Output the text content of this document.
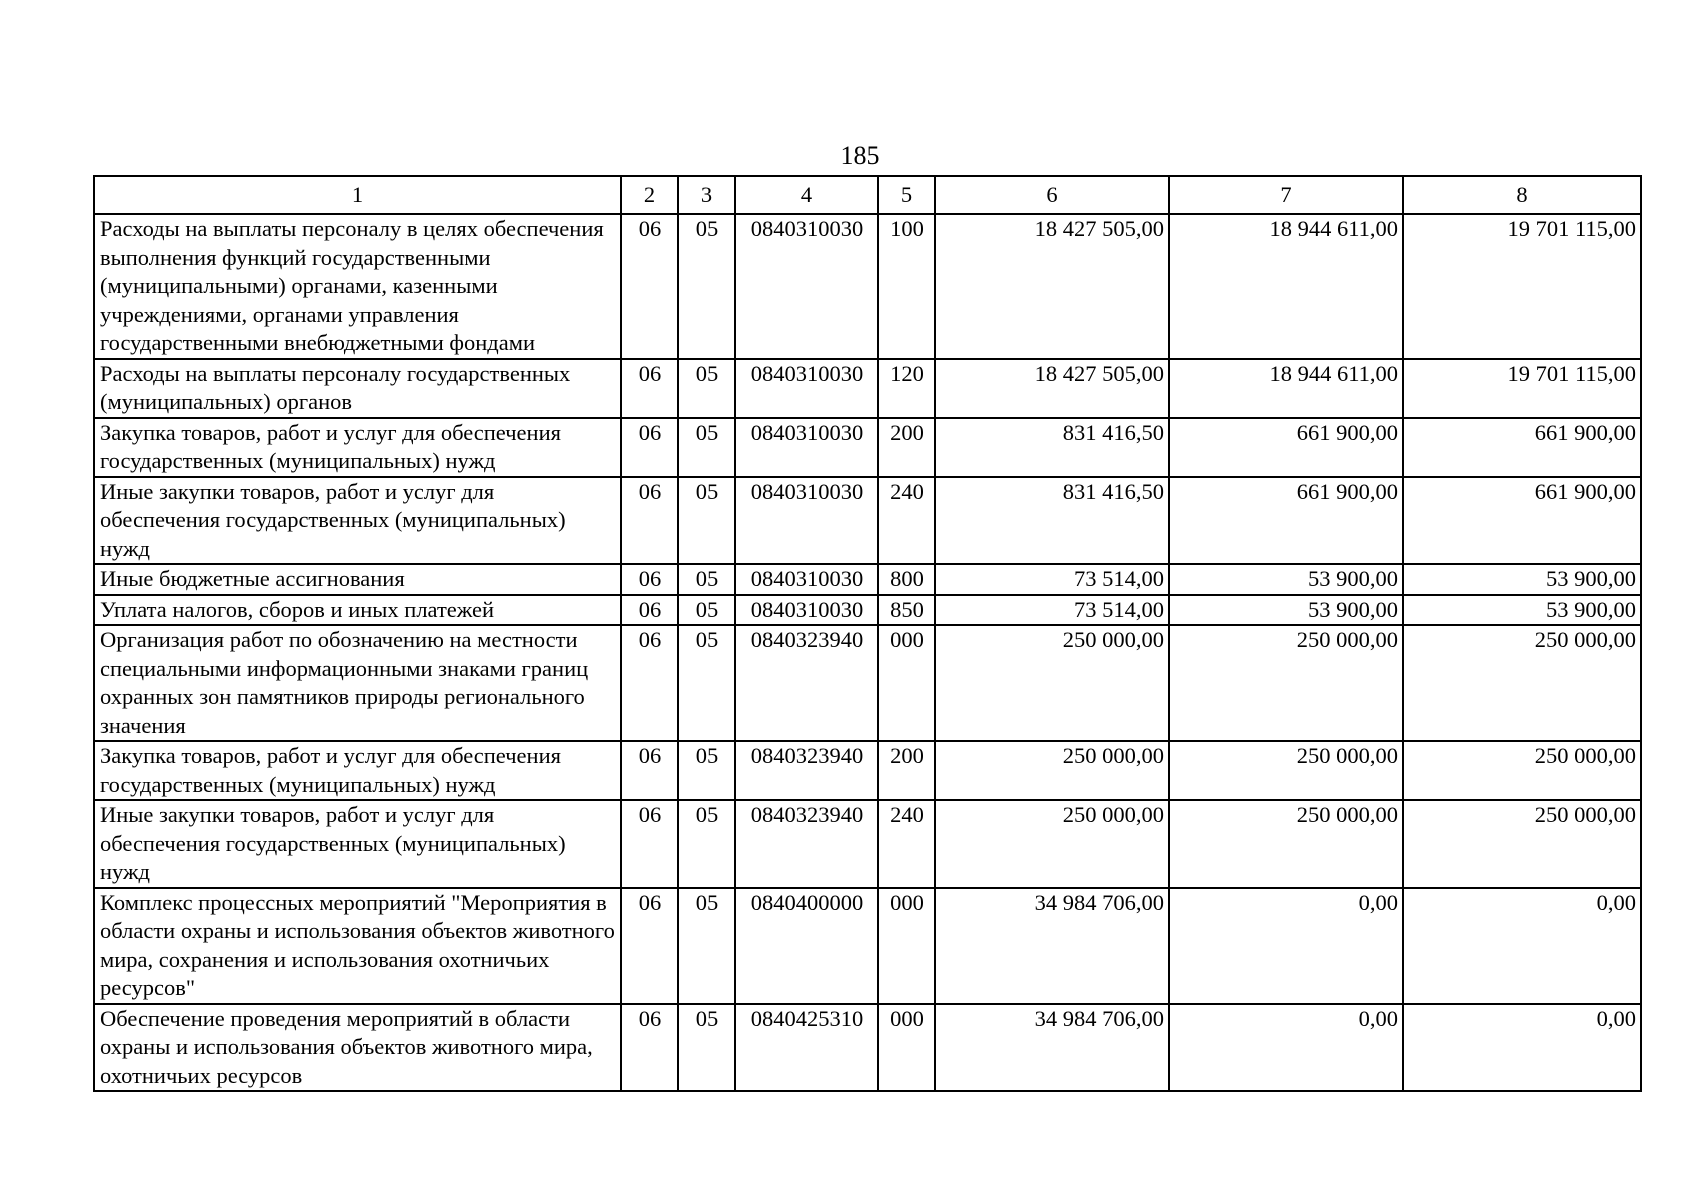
185
1	2	3	4	5	6	7	8
Расходы на выплаты персоналу в целях обеспечения выполнения функций государственными (муниципальными) органами, казенными учреждениями, органами управления государственными внебюджетными фондами	06	05	0840310030	100	18 427 505,00	18 944 611,00	19 701 115,00
Расходы на выплаты персоналу государственных (муниципальных) органов	06	05	0840310030	120	18 427 505,00	18 944 611,00	19 701 115,00
Закупка товаров, работ и услуг для обеспечения государственных (муниципальных) нужд	06	05	0840310030	200	831 416,50	661 900,00	661 900,00
Иные закупки товаров, работ и услуг для обеспечения государственных (муниципальных) нужд	06	05	0840310030	240	831 416,50	661 900,00	661 900,00
Иные бюджетные ассигнования	06	05	0840310030	800	73 514,00	53 900,00	53 900,00
Уплата налогов, сборов и иных платежей	06	05	0840310030	850	73 514,00	53 900,00	53 900,00
Организация работ по обозначению на местности специальными информационными знаками границ охранных зон памятников природы регионального значения	06	05	0840323940	000	250 000,00	250 000,00	250 000,00
Закупка товаров, работ и услуг для обеспечения государственных (муниципальных) нужд	06	05	0840323940	200	250 000,00	250 000,00	250 000,00
Иные закупки товаров, работ и услуг для обеспечения государственных (муниципальных) нужд	06	05	0840323940	240	250 000,00	250 000,00	250 000,00
Комплекс процессных мероприятий "Мероприятия в области охраны и использования объектов животного мира, сохранения и использования охотничьих ресурсов"	06	05	0840400000	000	34 984 706,00	0,00	0,00
Обеспечение проведения мероприятий в области охраны и использования объектов животного мира, охотничьих ресурсов	06	05	0840425310	000	34 984 706,00	0,00	0,00
